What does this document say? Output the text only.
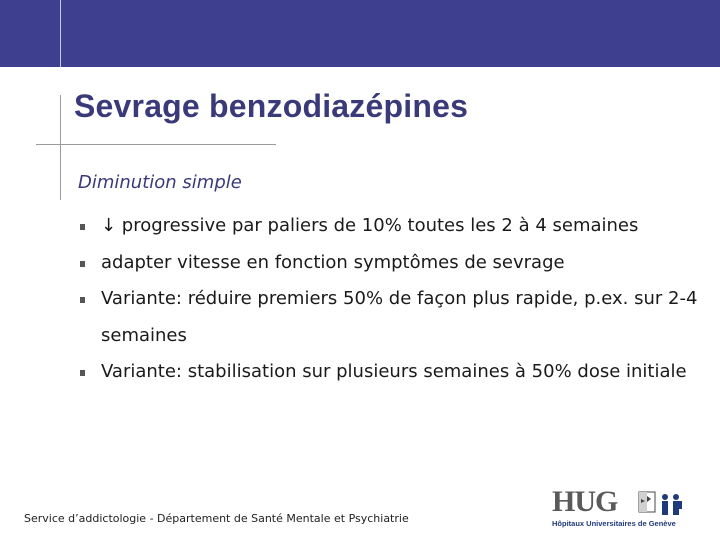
Sevrage benzodiazépines
Diminution simple
↓ progressive par paliers de 10% toutes les 2 à 4 semaines
adapter vitesse en fonction symptômes de sevrage
Variante: réduire premiers 50% de façon plus rapide, p.ex. sur 2-4 semaines
Variante: stabilisation sur plusieurs semaines à 50% dose initiale
Service d’addictologie - Département de Santé Mentale et Psychiatrie
HUG
Hôpitaux Universitaires de Genève
